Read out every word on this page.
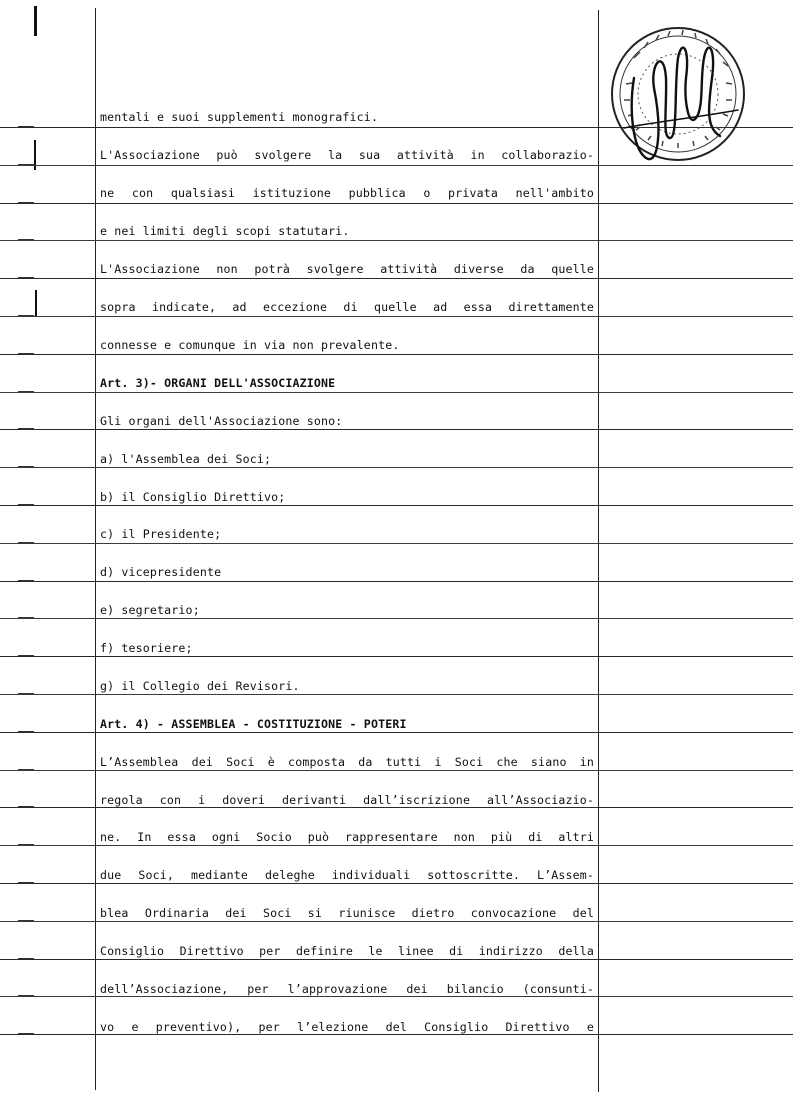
mentali e suoi supplementi monografici.
L'Associazione può svolgere la sua attività in collaborazio-
ne con qualsiasi istituzione pubblica o privata nell'ambito
e nei limiti degli scopi statutari.
L'Associazione non potrà svolgere attività diverse da quelle
sopra indicate, ad eccezione di quelle ad essa direttamente
connesse e comunque in via non prevalente.
Art. 3)- ORGANI DELL'ASSOCIAZIONE
Gli organi dell'Associazione sono:
a) l'Assemblea dei Soci;
b) il Consiglio Direttivo;
c) il Presidente;
d) vicepresidente
e) segretario;
f) tesoriere;
g) il Collegio dei Revisori.
Art. 4) - ASSEMBLEA - COSTITUZIONE - POTERI
L’Assemblea dei Soci è composta da tutti i Soci che siano in
regola con i doveri derivanti dall’iscrizione all’Associazio-
ne. In essa ogni Socio può rappresentare non più di altri
due Soci, mediante deleghe individuali sottoscritte. L’Assem-
blea Ordinaria dei Soci si riunisce dietro convocazione del
Consiglio Direttivo per definire le linee di indirizzo della
dell’Associazione, per l’approvazione dei bilancio (consunti-
vo e preventivo), per l’elezione del Consiglio Direttivo e
